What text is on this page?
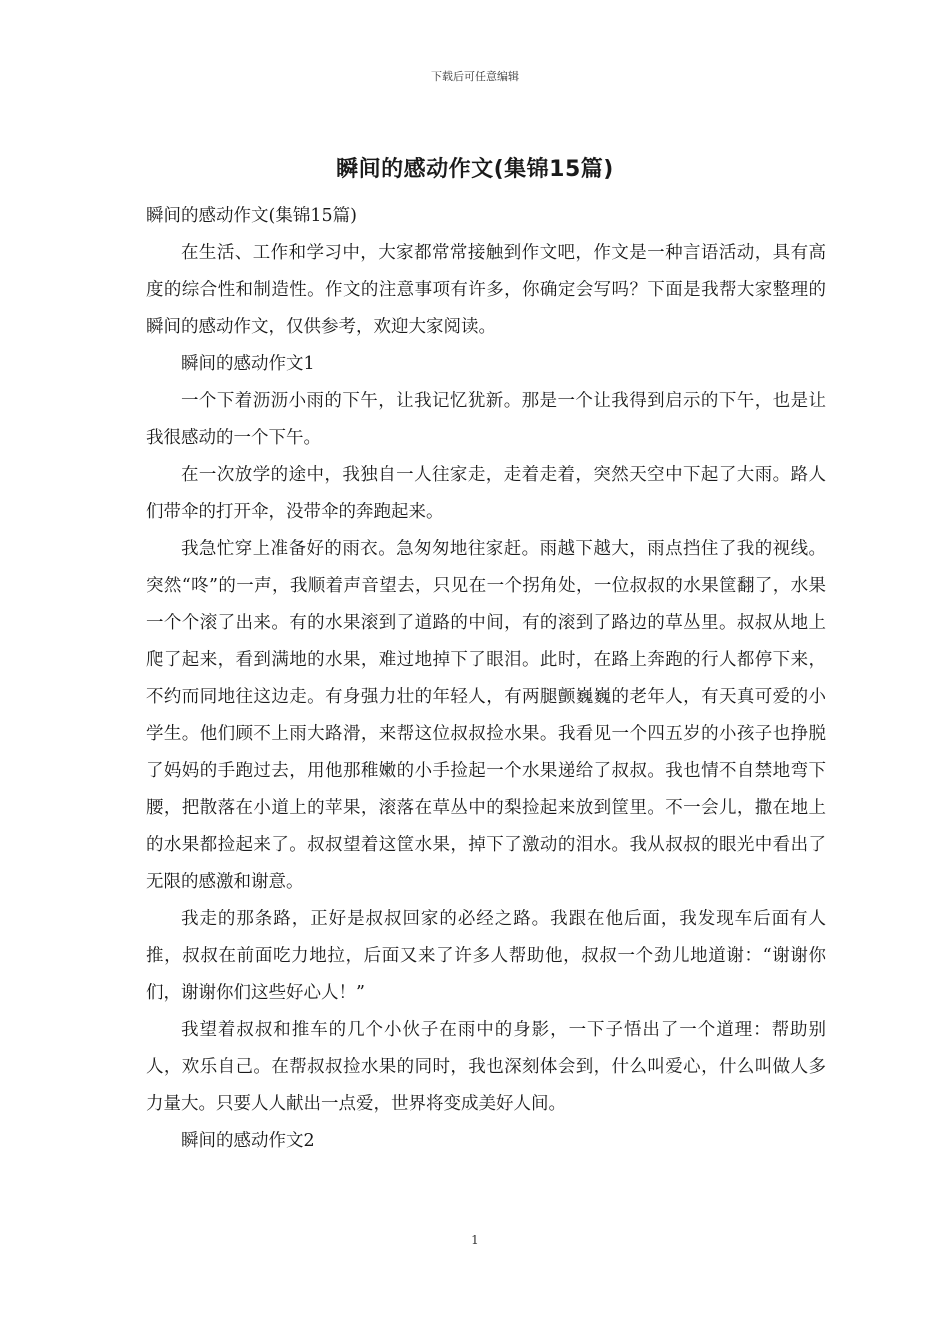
下载后可任意编辑
瞬间的感动作文(集锦15篇)

瞬间的感动作文(集锦15篇)

在生活、工作和学习中，大家都常常接触到作文吧，作文是一种言语活动，具有高度的综合性和制造性。作文的注意事项有许多，你确定会写吗？下面是我帮大家整理的瞬间的感动作文，仅供参考，欢迎大家阅读。

瞬间的感动作文1

一个下着沥沥小雨的下午，让我记忆犹新。那是一个让我得到启示的下午，也是让我很感动的一个下午。

在一次放学的途中，我独自一人往家走，走着走着，突然天空中下起了大雨。路人们带伞的打开伞，没带伞的奔跑起来。

我急忙穿上准备好的雨衣。急匆匆地往家赶。雨越下越大，雨点挡住了我的视线。突然“咚”的一声，我顺着声音望去，只见在一个拐角处，一位叔叔的水果筐翻了，水果一个个滚了出来。有的水果滚到了道路的中间，有的滚到了路边的草丛里。叔叔从地上爬了起来，看到满地的水果，难过地掉下了眼泪。此时，在路上奔跑的行人都停下来，不约而同地往这边走。有身强力壮的年轻人，有两腿颤巍巍的老年人，有天真可爱的小学生。他们顾不上雨大路滑，来帮这位叔叔捡水果。我看见一个四五岁的小孩子也挣脱了妈妈的手跑过去，用他那稚嫩的小手捡起一个水果递给了叔叔。我也情不自禁地弯下腰，把散落在小道上的苹果，滚落在草丛中的梨捡起来放到筐里。不一会儿，撒在地上的水果都捡起来了。叔叔望着这筐水果，掉下了激动的泪水。我从叔叔的眼光中看出了无限的感激和谢意。

我走的那条路，正好是叔叔回家的必经之路。我跟在他后面，我发现车后面有人推，叔叔在前面吃力地拉，后面又来了许多人帮助他，叔叔一个劲儿地道谢：“谢谢你们，谢谢你们这些好心人！”

我望着叔叔和推车的几个小伙子在雨中的身影，一下子悟出了一个道理：帮助别人，欢乐自己。在帮叔叔捡水果的同时，我也深刻体会到，什么叫爱心，什么叫做人多力量大。只要人人献出一点爱，世界将变成美好人间。

瞬间的感动作文2

1
